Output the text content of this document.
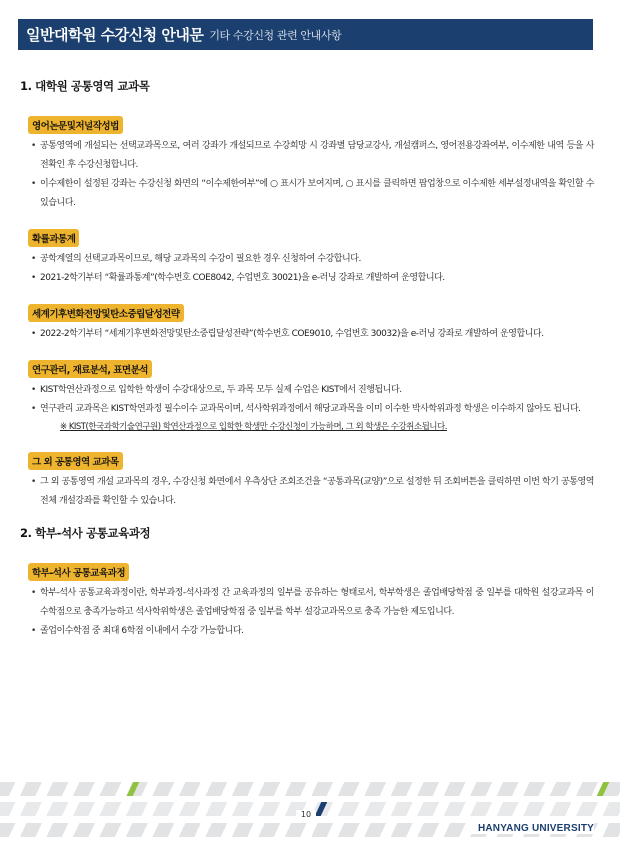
일반대학원 수강신청 안내문 기타 수강신청 관련 안내사항
1. 대학원 공통영역 교과목
영어논문및저널작성법
• 공통영역에 개설되는 선택교과목으로, 여러 강좌가 개설되므로 수강희망 시 강좌별 담당교강사, 개설캠퍼스, 영어전용강좌여부, 이수제한 내역 등을 사전확인 후 수강신청합니다.
• 이수제한이 설정된 강좌는 수강신청 화면의 “이수제한여부”에 ○ 표시가 보여지며, ○ 표시를 클릭하면 팝업창으로 이수제한 세부설정내역을 확인할 수 있습니다.
확률과통계
• 공학계열의 선택교과목이므로, 해당 교과목의 수강이 필요한 경우 신청하여 수강합니다.
• 2021-2학기부터 “확률과통계”(학수번호 COE8042, 수업번호 30021)을 e-러닝 강좌로 개발하여 운영합니다.
세계기후변화전망및탄소중립달성전략
• 2022-2학기부터 “세계기후변화전망및탄소중립달성전략”(학수번호 COE9010, 수업번호 30032)을 e-러닝 강좌로 개발하여 운영합니다.
연구관리, 재료분석, 표면분석
• KIST학연산과정으로 입학한 학생이 수강대상으로, 두 과목 모두 실제 수업은 KIST에서 진행됩니다.
• 연구관리 교과목은 KIST학연과정 필수이수 교과목이며, 석사학위과정에서 해당교과목을 이미 이수한 박사학위과정 학생은 이수하지 않아도 됩니다.
※ KIST(한국과학기술연구원) 학연산과정으로 입학한 학생만 수강신청이 가능하며, 그 외 학생은 수강취소됩니다.
그 외 공통영역 교과목
• 그 외 공통영역 개설 교과목의 경우, 수강신청 화면에서 우측상단 조회조건을 “공통과목(교양)”으로 설정한 뒤 조회버튼을 클릭하면 이번 학기 공통영역 전체 개설강좌를 확인할 수 있습니다.
2. 학부-석사 공통교육과정
학부-석사 공통교육과정
• 학부-석사 공통교육과정이란, 학부과정-석사과정 간 교육과정의 일부를 공유하는 형태로서, 학부학생은 졸업배당학점 중 일부를 대학원 설강교과목 이수학점으로 충족가능하고 석사학위학생은 졸업배당학점 중 일부를 학부 설강교과목으로 충족 가능한 제도입니다.
• 졸업이수학점 중 최대 6학점 이내에서 수강 가능합니다.
10
HANYANG UNIVERSITY
